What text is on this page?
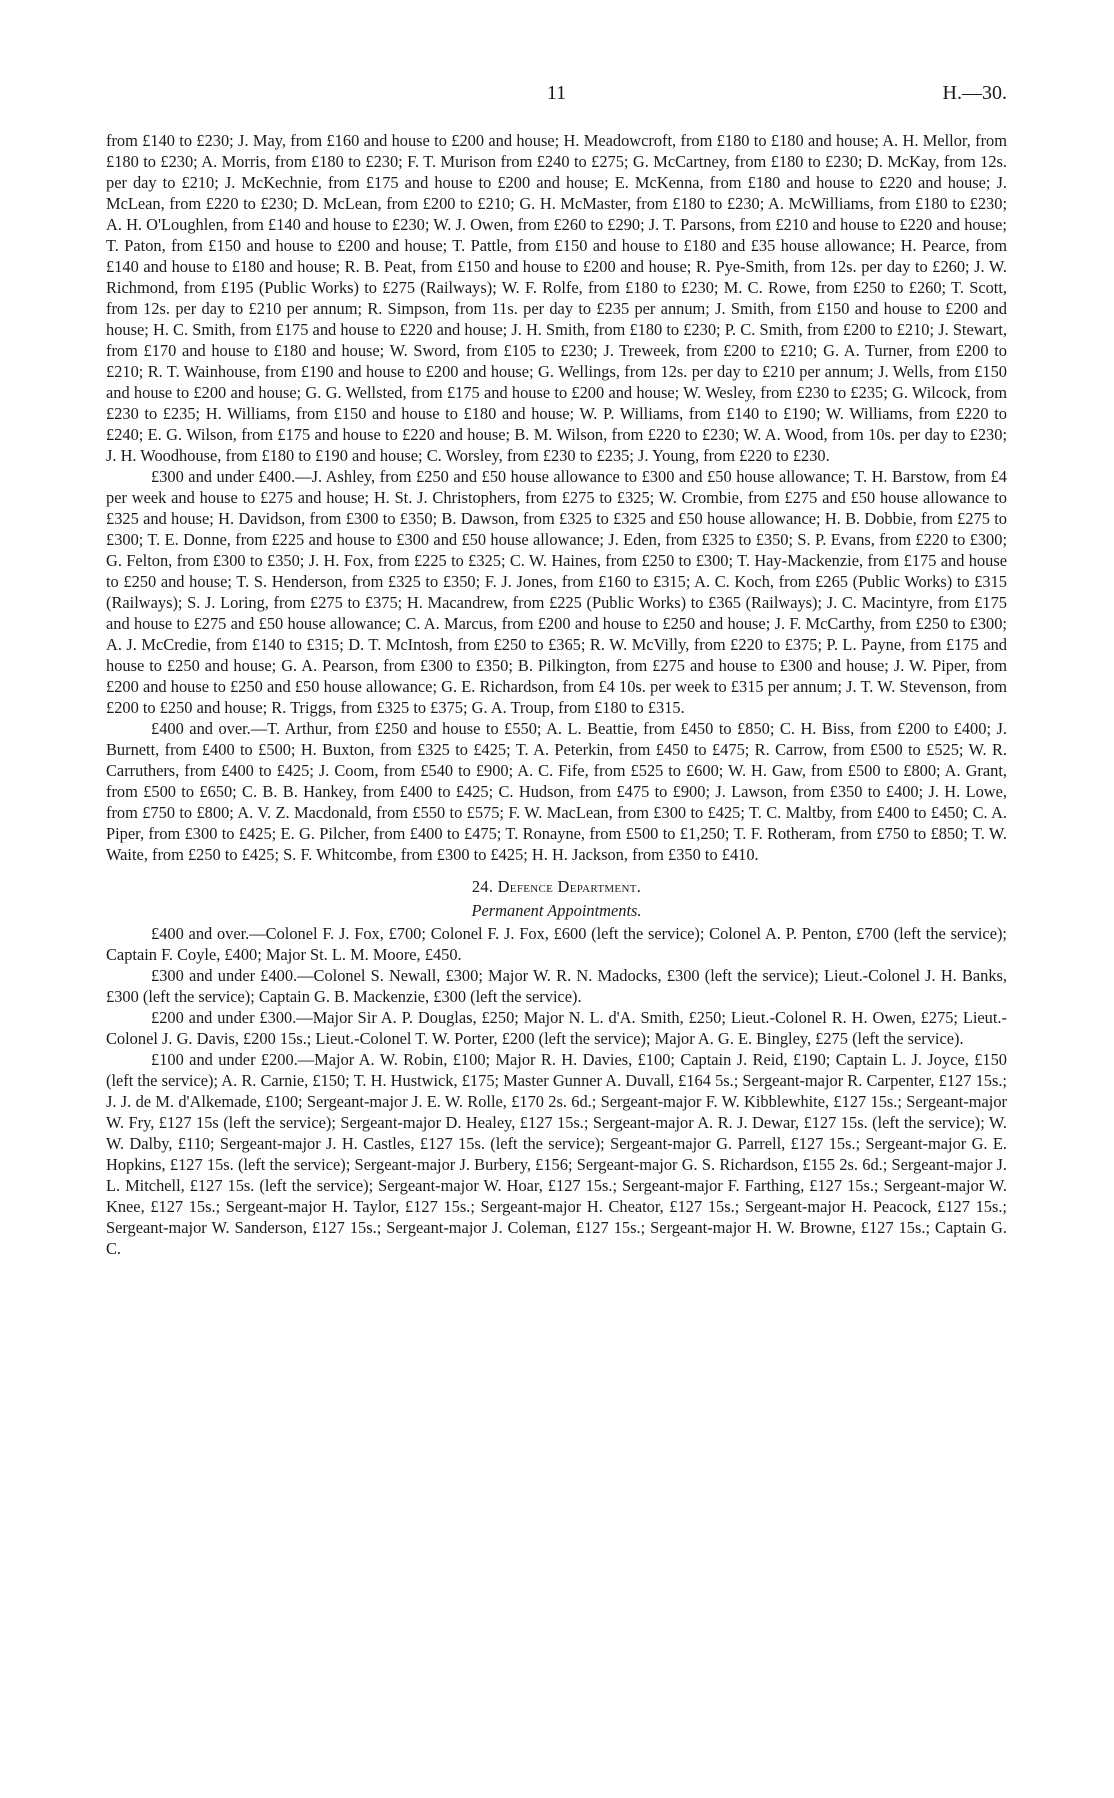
11	H.—30.

from £140 to £230; J. May, from £160 and house to £200 and house; H. Meadowcroft, from £180 to £180 and house; A. H. Mellor, from £180 to £230; A. Morris, from £180 to £230; F. T. Murison from £240 to £275; G. McCartney, from £180 to £230; D. McKay, from 12s. per day to £210; J. McKechnie, from £175 and house to £200 and house; E. McKenna, from £180 and house to £220 and house; J. McLean, from £220 to £230; D. McLean, from £200 to £210; G. H. McMaster, from £180 to £230; A. McWilliams, from £180 to £230; A. H. O'Loughlen, from £140 and house to £230; W. J. Owen, from £260 to £290; J. T. Parsons, from £210 and house to £220 and house; T. Paton, from £150 and house to £200 and house; T. Pattle, from £150 and house to £180 and £35 house allowance; H. Pearce, from £140 and house to £180 and house; R. B. Peat, from £150 and house to £200 and house; R. Pye-Smith, from 12s. per day to £260; J. W. Richmond, from £195 (Public Works) to £275 (Railways); W. F. Rolfe, from £180 to £230; M. C. Rowe, from £250 to £260; T. Scott, from 12s. per day to £210 per annum; R. Simpson, from 11s. per day to £235 per annum; J. Smith, from £150 and house to £200 and house; H. C. Smith, from £175 and house to £220 and house; J. H. Smith, from £180 to £230; P. C. Smith, from £200 to £210; J. Stewart, from £170 and house to £180 and house; W. Sword, from £105 to £230; J. Treweek, from £200 to £210; G. A. Turner, from £200 to £210; R. T. Wainhouse, from £190 and house to £200 and house; G. Wellings, from 12s. per day to £210 per annum; J. Wells, from £150 and house to £200 and house; G. G. Wellsted, from £175 and house to £200 and house; W. Wesley, from £230 to £235; G. Wilcock, from £230 to £235; H. Williams, from £150 and house to £180 and house; W. P. Williams, from £140 to £190; W. Williams, from £220 to £240; E. G. Wilson, from £175 and house to £220 and house; B. M. Wilson, from £220 to £230; W. A. Wood, from 10s. per day to £230; J. H. Woodhouse, from £180 to £190 and house; C. Worsley, from £230 to £235; J. Young, from £220 to £230.

£300 and under £400.—J. Ashley, from £250 and £50 house allowance to £300 and £50 house allowance; T. H. Barstow, from £4 per week and house to £275 and house; H. St. J. Christophers, from £275 to £325; W. Crombie, from £275 and £50 house allowance to £325 and house; H. Davidson, from £300 to £350; B. Dawson, from £325 to £325 and £50 house allowance; H. B. Dobbie, from £275 to £300; T. E. Donne, from £225 and house to £300 and £50 house allowance; J. Eden, from £325 to £350; S. P. Evans, from £220 to £300; G. Felton, from £300 to £350; J. H. Fox, from £225 to £325; C. W. Haines, from £250 to £300; T. Hay-Mackenzie, from £175 and house to £250 and house; T. S. Henderson, from £325 to £350; F. J. Jones, from £160 to £315; A. C. Koch, from £265 (Public Works) to £315 (Railways); S. J. Loring, from £275 to £375; H. Macandrew, from £225 (Public Works) to £365 (Railways); J. C. Macintyre, from £175 and house to £275 and £50 house allowance; C. A. Marcus, from £200 and house to £250 and house; J. F. McCarthy, from £250 to £300; A. J. McCredie, from £140 to £315; D. T. McIntosh, from £250 to £365; R. W. McVilly, from £220 to £375; P. L. Payne, from £175 and house to £250 and house; G. A. Pearson, from £300 to £350; B. Pilkington, from £275 and house to £300 and house; J. W. Piper, from £200 and house to £250 and £50 house allowance; G. E. Richardson, from £4 10s. per week to £315 per annum; J. T. W. Stevenson, from £200 to £250 and house; R. Triggs, from £325 to £375; G. A. Troup, from £180 to £315.

£400 and over.—T. Arthur, from £250 and house to £550; A. L. Beattie, from £450 to £850; C. H. Biss, from £200 to £400; J. Burnett, from £400 to £500; H. Buxton, from £325 to £425; T. A. Peterkin, from £450 to £475; R. Carrow, from £500 to £525; W. R. Carruthers, from £400 to £425; J. Coom, from £540 to £900; A. C. Fife, from £525 to £600; W. H. Gaw, from £500 to £800; A. Grant, from £500 to £650; C. B. B. Hankey, from £400 to £425; C. Hudson, from £475 to £900; J. Lawson, from £350 to £400; J. H. Lowe, from £750 to £800; A. V. Z. Macdonald, from £550 to £575; F. W. MacLean, from £300 to £425; T. C. Maltby, from £400 to £450; C. A. Piper, from £300 to £425; E. G. Pilcher, from £400 to £475; T. Ronayne, from £500 to £1,250; T. F. Rotheram, from £750 to £850; T. W. Waite, from £250 to £425; S. F. Whitcombe, from £300 to £425; H. H. Jackson, from £350 to £410.

24. Defence Department.
Permanent Appointments.

£400 and over.—Colonel F. J. Fox, £700; Colonel F. J. Fox, £600 (left the service); Colonel A. P. Penton, £700 (left the service); Captain F. Coyle, £400; Major St. L. M. Moore, £450.

£300 and under £400.—Colonel S. Newall, £300; Major W. R. N. Madocks, £300 (left the service); Lieut.-Colonel J. H. Banks, £300 (left the service); Captain G. B. Mackenzie, £300 (left the service).

£200 and under £300.—Major Sir A. P. Douglas, £250; Major N. L. d'A. Smith, £250; Lieut.-Colonel R. H. Owen, £275; Lieut.-Colonel J. G. Davis, £200 15s.; Lieut.-Colonel T. W. Porter, £200 (left the service); Major A. G. E. Bingley, £275 (left the service).

£100 and under £200.—Major A. W. Robin, £100; Major R. H. Davies, £100; Captain J. Reid, £190; Captain L. J. Joyce, £150 (left the service); A. R. Carnie, £150; T. H. Hustwick, £175; Master Gunner A. Duvall, £164 5s.; Sergeant-major R. Carpenter, £127 15s.; J. J. de M. d'Alkemade, £100; Sergeant-major J. E. W. Rolle, £170 2s. 6d.; Sergeant-major F. W. Kibblewhite, £127 15s.; Sergeant-major W. Fry, £127 15s (left the service); Sergeant-major D. Healey, £127 15s.; Sergeant-major A. R. J. Dewar, £127 15s. (left the service); W. W. Dalby, £110; Sergeant-major J. H. Castles, £127 15s. (left the service); Sergeant-major G. Parrell, £127 15s.; Sergeant-major G. E. Hopkins, £127 15s. (left the service); Sergeant-major J. Burbery, £156; Sergeant-major G. S. Richardson, £155 2s. 6d.; Sergeant-major J. L. Mitchell, £127 15s. (left the service); Sergeant-major W. Hoar, £127 15s.; Sergeant-major F. Farthing, £127 15s.; Sergeant-major W. Knee, £127 15s.; Sergeant-major H. Taylor, £127 15s.; Sergeant-major H. Cheator, £127 15s.; Sergeant-major H. Peacock, £127 15s.; Sergeant-major W. Sanderson, £127 15s.; Sergeant-major J. Coleman, £127 15s.; Sergeant-major H. W. Browne, £127 15s.; Captain G. C.
